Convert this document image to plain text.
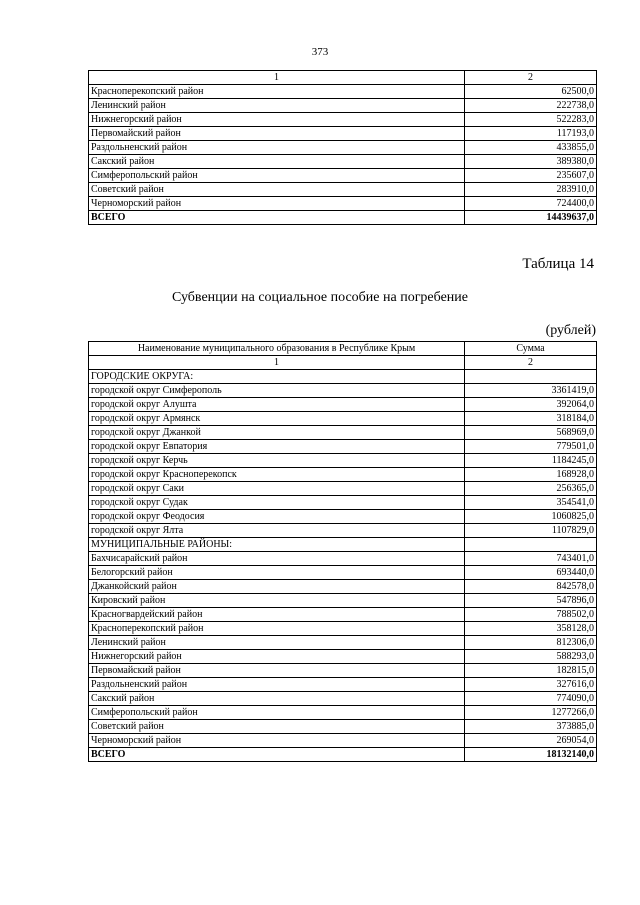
373
1	2
Красноперекопский район	62500,0
Ленинский район	222738,0
Нижнегорский район	522283,0
Первомайский район	117193,0
Раздольненский район	433855,0
Сакский район	389380,0
Симферопольский район	235607,0
Советский район	283910,0
Черноморский район	724400,0
ВСЕГО	14439637,0
Таблица 14
Субвенции на социальное пособие на погребение
(рублей)
Наименование муниципального образования в Республике Крым	Сумма
1	2
ГОРОДСКИЕ ОКРУГА:	
городской округ Симферополь	3361419,0
городской округ Алушта	392064,0
городской округ Армянск	318184,0
городской округ Джанкой	568969,0
городской округ Евпатория	779501,0
городской округ Керчь	1184245,0
городской округ Красноперекопск	168928,0
городской округ Саки	256365,0
городской округ Судак	354541,0
городской округ Феодосия	1060825,0
городской округ Ялта	1107829,0
МУНИЦИПАЛЬНЫЕ РАЙОНЫ:	
Бахчисарайский район	743401,0
Белогорский район	693440,0
Джанкойский район	842578,0
Кировский район	547896,0
Красногвардейский район	788502,0
Красноперекопский район	358128,0
Ленинский район	812306,0
Нижнегорский район	588293,0
Первомайский район	182815,0
Раздольненский район	327616,0
Сакский район	774090,0
Симферопольский район	1277266,0
Советский район	373885,0
Черноморский район	269054,0
ВСЕГО	18132140,0
